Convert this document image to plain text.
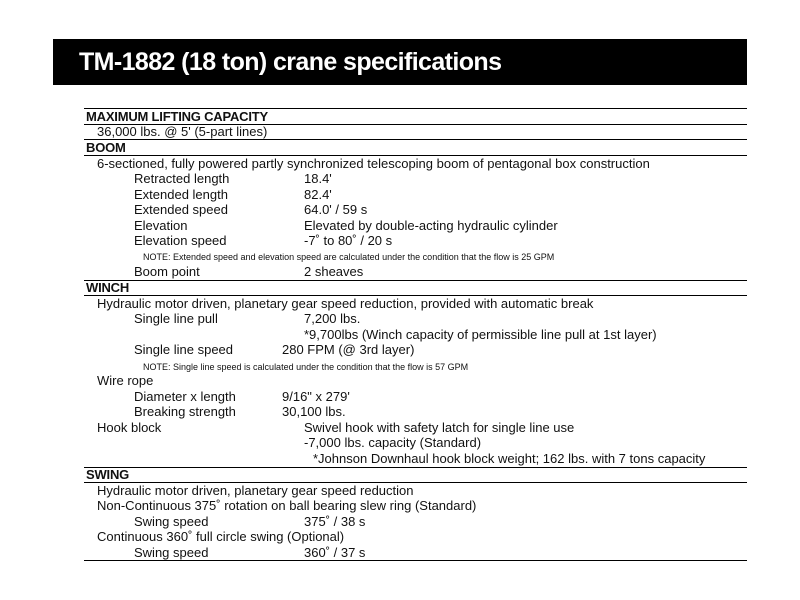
TM-1882 (18 ton) crane specifications
MAXIMUM LIFTING CAPACITY
36,000 lbs. @ 5' (5-part lines)
BOOM
6-sectioned, fully powered partly synchronized telescoping boom of pentagonal box construction
Retracted length	18.4'
Extended length	82.4'
Extended speed	64.0' / 59 s
Elevation	Elevated by double-acting hydraulic cylinder
Elevation speed	-7˚ to 80˚ / 20 s
NOTE: Extended speed and elevation speed are calculated under the condition that the flow is 25 GPM
Boom point	2 sheaves
WINCH
Hydraulic motor driven, planetary gear speed reduction, provided with automatic break
Single line pull	7,200 lbs.
*9,700lbs (Winch capacity of permissible line pull at 1st layer)
Single line speed	280 FPM (@ 3rd layer)
NOTE: Single line speed is calculated under the condition that the flow is 57 GPM
Wire rope
Diameter x length	9/16" x 279'
Breaking strength	30,100 lbs.
Hook block	Swivel hook with safety latch for single line use
-7,000 lbs. capacity (Standard)
*Johnson Downhaul hook block weight; 162 lbs. with 7 tons capacity
SWING
Hydraulic motor driven, planetary gear speed reduction
Non-Continuous 375˚ rotation on ball bearing slew ring (Standard)
Swing speed	375˚ / 38 s
Continuous 360˚ full circle swing (Optional)
Swing speed	360˚ / 37 s
